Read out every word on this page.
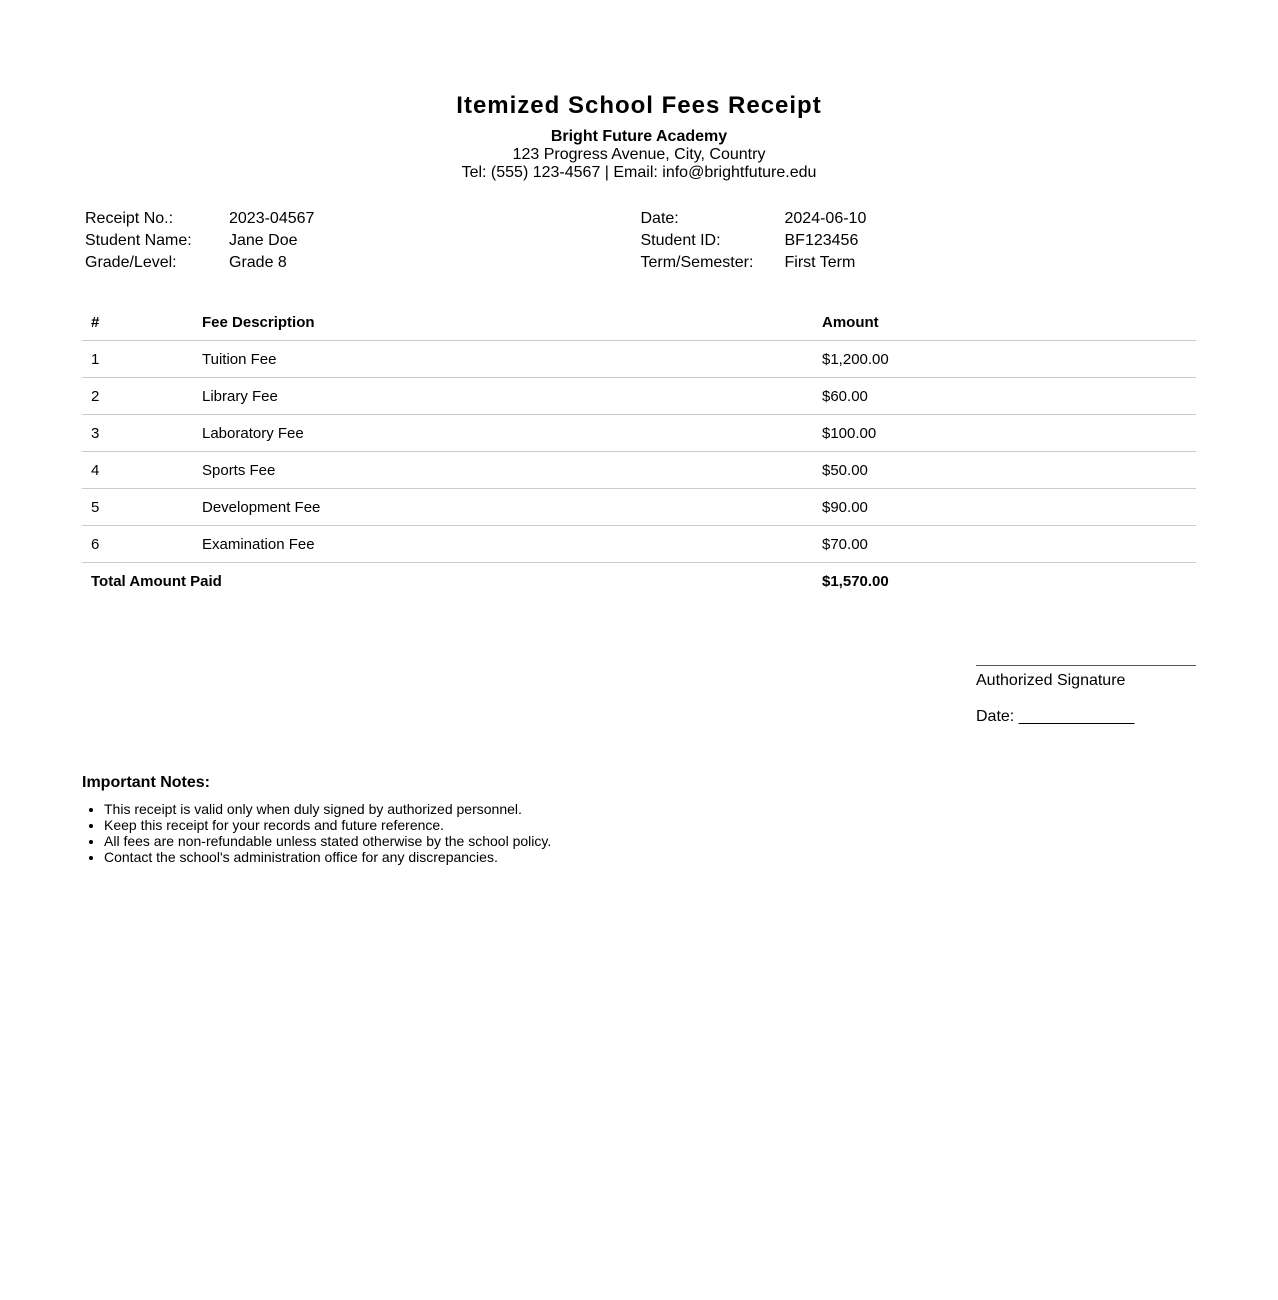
Itemized School Fees Receipt
Bright Future Academy
123 Progress Avenue, City, Country
Tel: (555) 123-4567 | Email: info@brightfuture.edu
Receipt No.:	2023-04567
Student Name:	Jane Doe
Grade/Level:	Grade 8
Date:	2024-06-10
Student ID:	BF123456
Term/Semester:	First Term
#	Fee Description	Amount
1	Tuition Fee	$1,200.00
2	Library Fee	$60.00
3	Laboratory Fee	$100.00
4	Sports Fee	$50.00
5	Development Fee	$90.00
6	Examination Fee	$70.00
Total Amount Paid		$1,570.00
Authorized Signature
Date: _____________
Important Notes:
• This receipt is valid only when duly signed by authorized personnel.
• Keep this receipt for your records and future reference.
• All fees are non-refundable unless stated otherwise by the school policy.
• Contact the school's administration office for any discrepancies.
